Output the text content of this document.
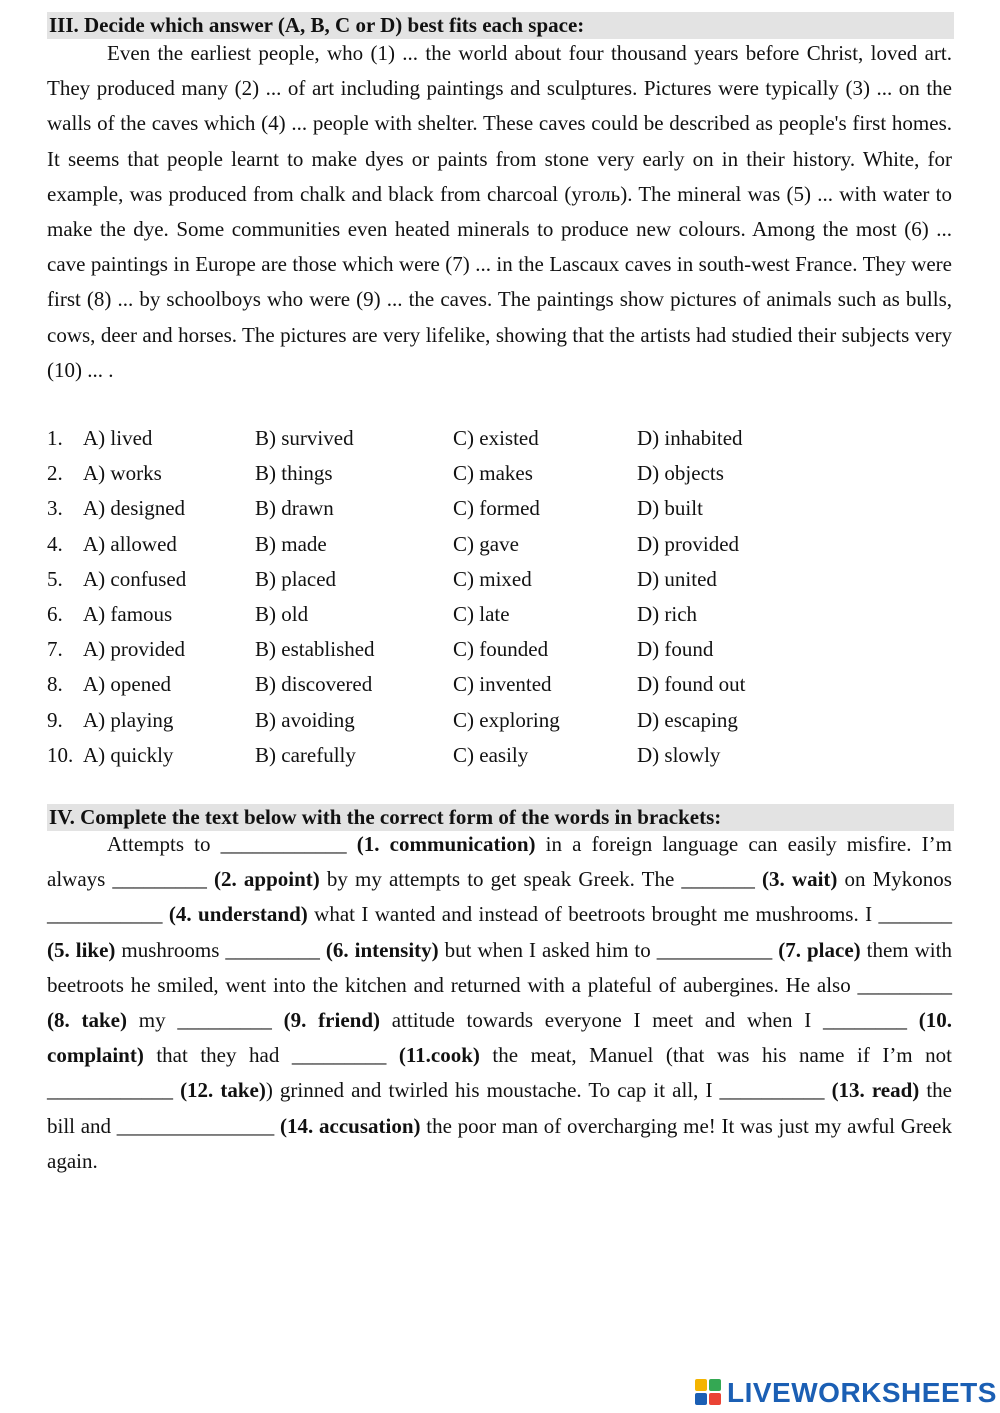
III. Decide which answer (A, B, C or D) best fits each space:

Even the earliest people, who (1) ... the world about four thousand years before Christ, loved art. They produced many (2) ... of art including paintings and sculptures. Pictures were typically (3) ... on the walls of the caves which (4) ... people with shelter. These caves could be described as people's first homes. It seems that people learnt to make dyes or paints from stone very early on in their history. White, for example, was produced from chalk and black from charcoal (уголь). The mineral was (5) ... with water to make the dye. Some communities even heated minerals to produce new colours. Among the most (6) ... cave paintings in Europe are those which were (7) ... in the Lascaux caves in south-west France. They were first (8) ... by schoolboys who were (9) ... the caves. The paintings show pictures of animals such as bulls, cows, deer and horses. The pictures are very lifelike, showing that the artists had studied their subjects very (10) ... .

1. A) lived	B) survived	C) existed	D) inhabited
2. A) works	B) things	C) makes	D) objects
3. A) designed	B) drawn	C) formed	D) built
4. A) allowed	B) made	C) gave	D) provided
5. A) confused	B) placed	C) mixed	D) united
6. A) famous	B) old	C) late	D) rich
7. A) provided	B) established	C) founded	D) found
8. A) opened	B) discovered	C) invented	D) found out
9. A) playing	B) avoiding	C) exploring	D) escaping
10. A) quickly	B) carefully	C) easily	D) slowly
IV. Complete the text below with the correct form of the words in brackets:

Attempts to ____________ (1. communication) in a foreign language can easily misfire. I’m always _________ (2. appoint) by my attempts to get speak Greek. The _______ (3. wait) on Mykonos ___________ (4. understand) what I wanted and instead of beetroots brought me mushrooms. I _______ (5. like) mushrooms _________ (6. intensity) but when I asked him to ___________ (7. place) them with beetroots he smiled, went into the kitchen and returned with a plateful of aubergines. He also _________ (8. take) my _________ (9. friend) attitude towards everyone I meet and when I ________ (10. complaint) that they had _________ (11.cook) the meat, Manuel (that was his name if I’m not ____________ (12. take)) grinned and twirled his moustache. To cap it all, I __________ (13. read) the bill and _______________ (14. accusation) the poor man of overcharging me! It was just my awful Greek again.

LIVEWORKSHEETS
